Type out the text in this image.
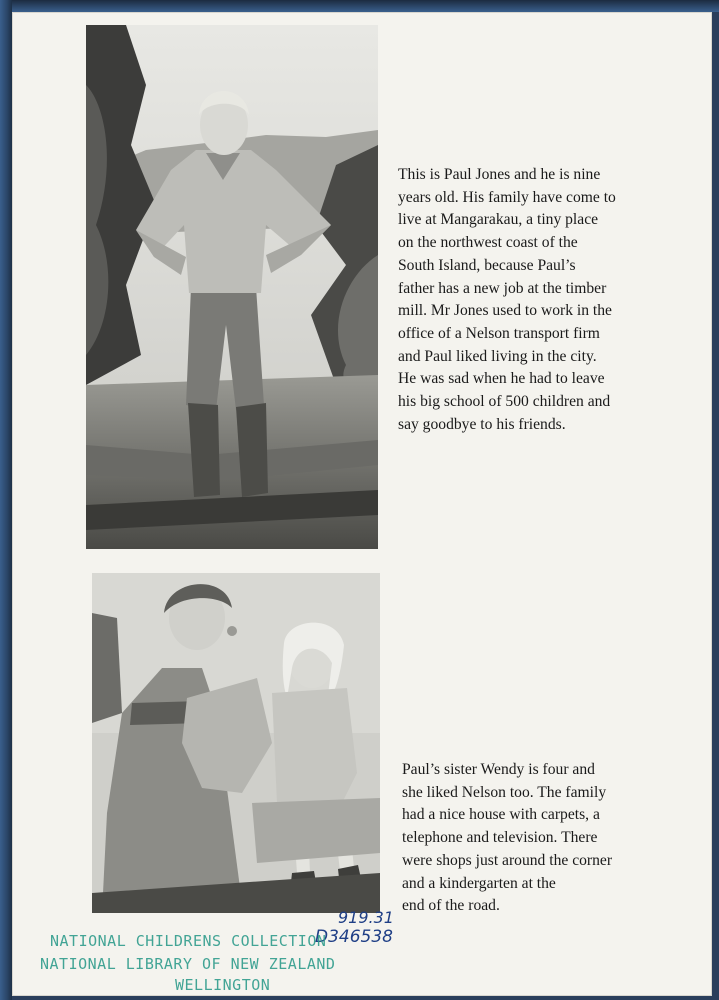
This is Paul Jones and he is nine
years old. His family have come to
live at Mangarakau, a tiny place
on the northwest coast of the
South Island, because Paul’s
father has a new job at the timber
mill. Mr Jones used to work in the
office of a Nelson transport firm
and Paul liked living in the city.
He was sad when he had to leave
his big school of 500 children and
say goodbye to his friends.

Paul’s sister Wendy is four and
she liked Nelson too. The family
had a nice house with carpets, a
telephone and television. There
were shops just around the corner
and a kindergarten at the
end of the road.

919.31
D346538
NATIONAL CHILDRENS COLLECTION
NATIONAL LIBRARY OF NEW ZEALAND
WELLINGTON
